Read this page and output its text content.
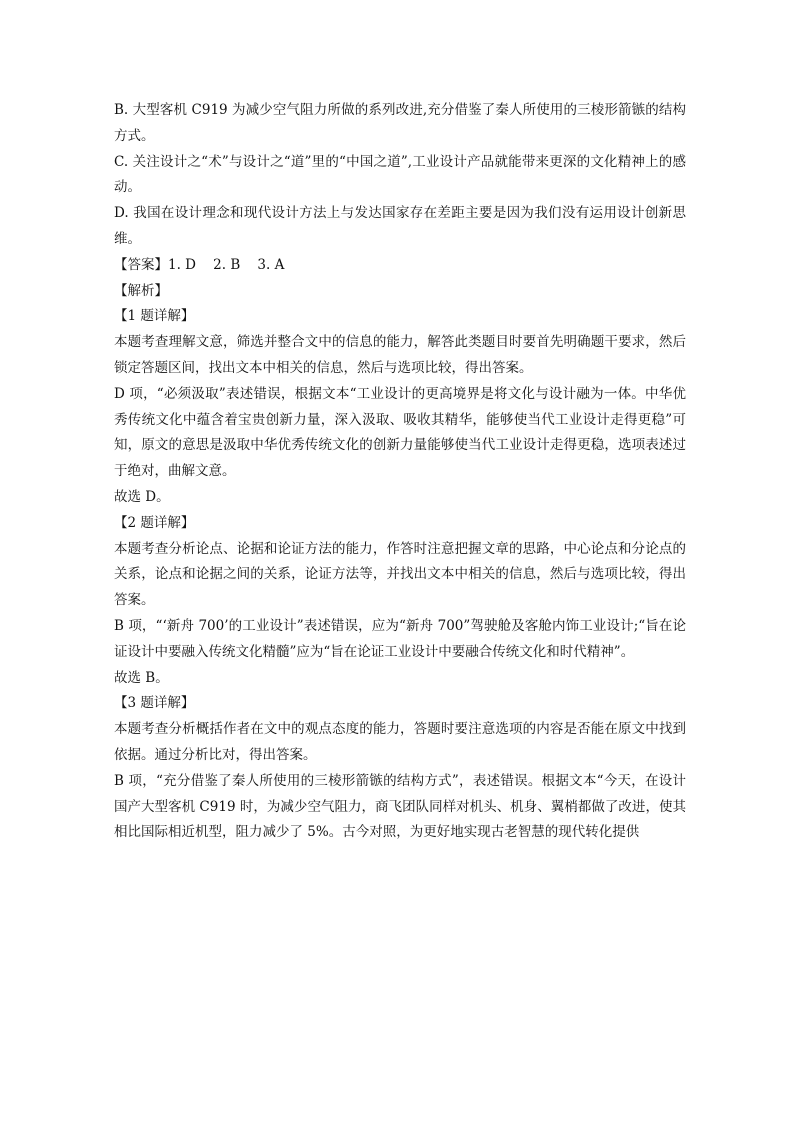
B. 大型客机 C919 为减少空气阻力所做的系列改进,充分借鉴了秦人所使用的三棱形箭镞的结构方式。

C. 关注设计之“术”与设计之“道”里的“中国之道”,工业设计产品就能带来更深的文化精神上的感动。

D. 我国在设计理念和现代设计方法上与发达国家存在差距主要是因为我们没有运用设计创新思维。

【答案】1. D    2. B    3. A

【解析】

【1 题详解】

本题考查理解文意，筛选并整合文中的信息的能力，解答此类题目时要首先明确题干要求，然后锁定答题区间，找出文本中相关的信息，然后与选项比较，得出答案。

D 项，“必须汲取”表述错误，根据文本“工业设计的更高境界是将文化与设计融为一体。中华优秀传统文化中蕴含着宝贵创新力量，深入汲取、吸收其精华，能够使当代工业设计走得更稳”可知，原文的意思是汲取中华优秀传统文化的创新力量能够使当代工业设计走得更稳，选项表述过于绝对，曲解文意。

故选 D。

【2 题详解】

本题考查分析论点、论据和论证方法的能力，作答时注意把握文章的思路，中心论点和分论点的关系，论点和论据之间的关系，论证方法等，并找出文本中相关的信息，然后与选项比较，得出答案。

B 项，“‘新舟 700’的工业设计”表述错误，应为“新舟 700”驾驶舱及客舱内饰工业设计;“旨在论证设计中要融入传统文化精髓”应为“旨在论证工业设计中要融合传统文化和时代精神”。

故选 B。

【3 题详解】

本题考查分析概括作者在文中的观点态度的能力，答题时要注意选项的内容是否能在原文中找到依据。通过分析比对，得出答案。

B 项，“充分借鉴了秦人所使用的三棱形箭镞的结构方式”，表述错误。根据文本“今天，在设计国产大型客机 C919 时，为减少空气阻力，商飞团队同样对机头、机身、翼梢都做了改进，使其相比国际相近机型，阻力减少了 5%。古今对照，为更好地实现古老智慧的现代转化提供
